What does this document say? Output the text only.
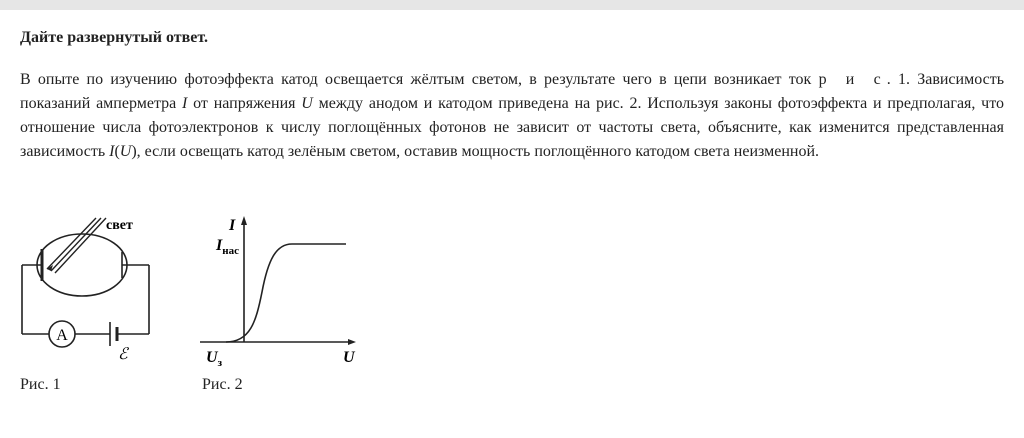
Дайте развернутый ответ.

В опыте по изучению фотоэффекта катод освещается жёлтым светом, в результате чего в цепи возникает ток р и с. 1. Зависимость показаний амперметра I от напряжения U между анодом и катодом приведена на рис. 2. Используя законы фотоэффекта и предполагая, что отношение числа фотоэлектронов к числу поглощённых фотонов не зависит от частоты света, объясните, как изменится представленная зависимость I(U), если освещать катод зелёным светом, оставив мощность поглощённого катодом света неизменной.

свет
A
ℰ
I
$I_{нас}$
U
$U_з$
Рис. 1	Рис. 2
